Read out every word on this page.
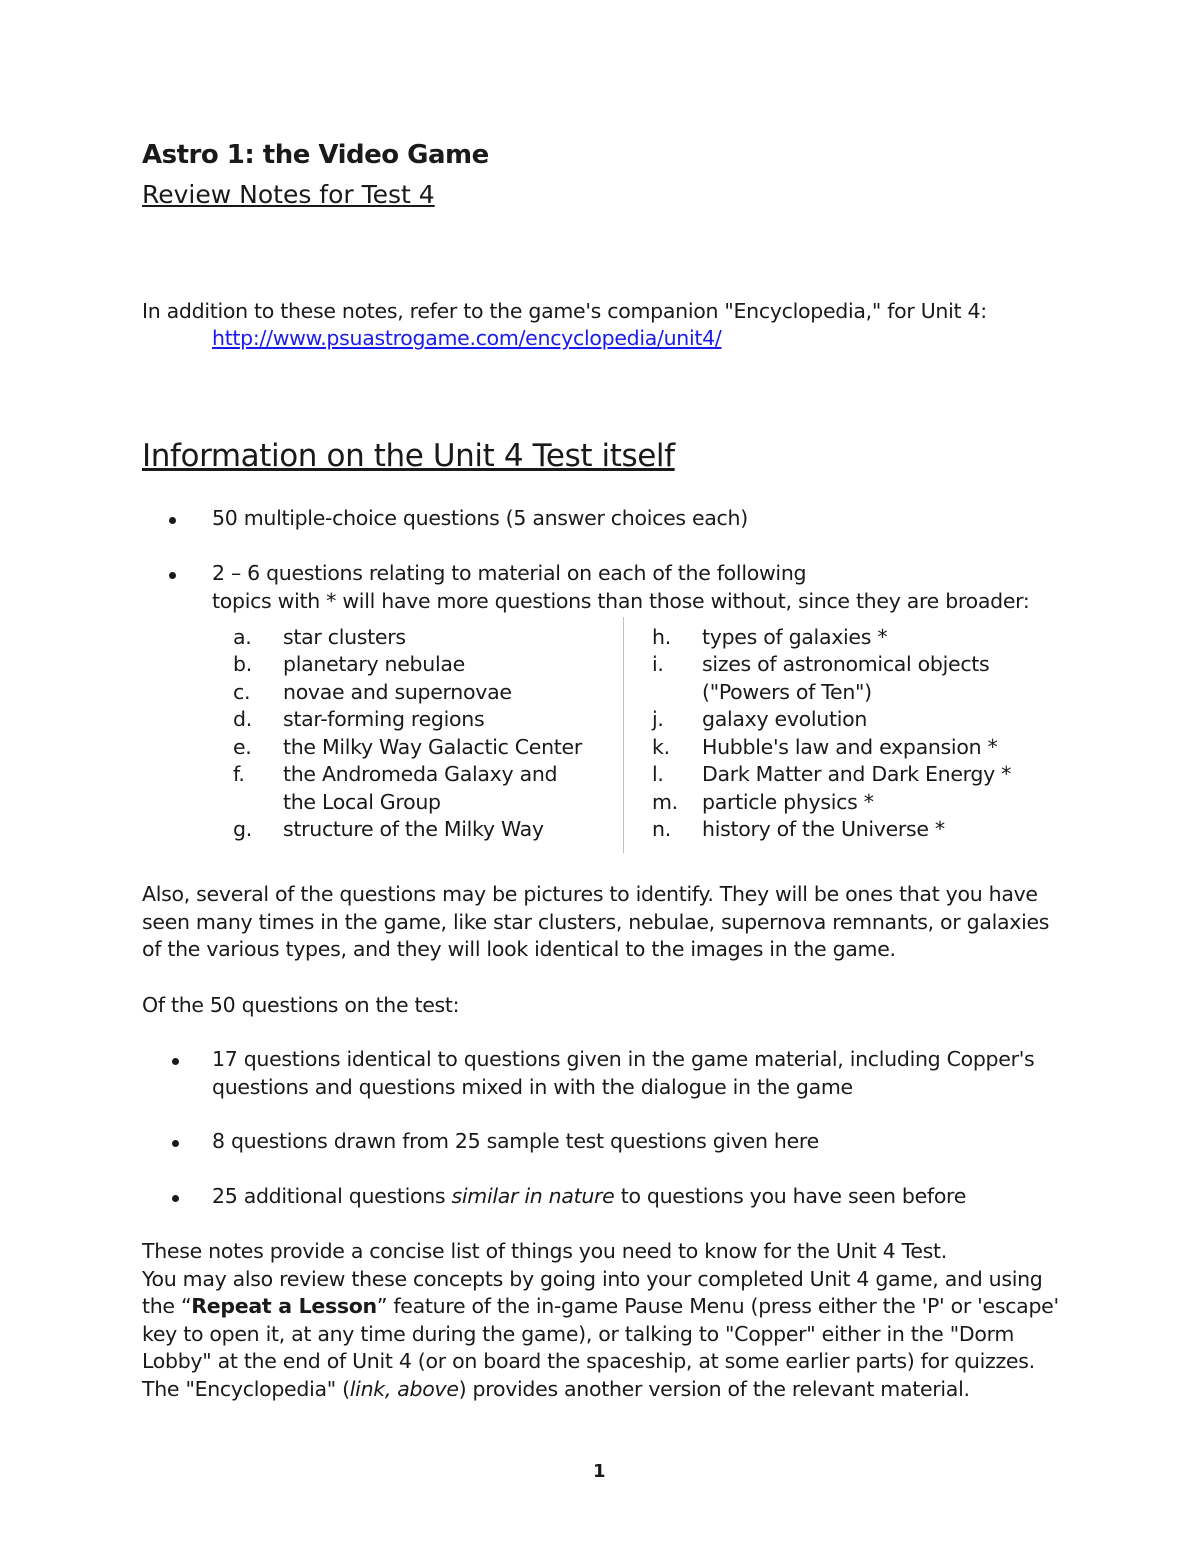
Astro 1: the Video Game
Review Notes for Test 4
In addition to these notes, refer to the game's companion "Encyclopedia," for Unit 4:
http://www.psuastrogame.com/encyclopedia/unit4/
Information on the Unit 4 Test itself
50 multiple-choice questions (5 answer choices each)
2 – 6 questions relating to material on each of the following
topics with * will have more questions than those without, since they are broader:
a. star clusters
b. planetary nebulae
c. novae and supernovae
d. star-forming regions
e. the Milky Way Galactic Center
f. the Andromeda Galaxy and
the Local Group
g. structure of the Milky Way
h. types of galaxies *
i. sizes of astronomical objects
("Powers of Ten")
j. galaxy evolution
k. Hubble's law and expansion *
l. Dark Matter and Dark Energy *
m. particle physics *
n. history of the Universe *
Also, several of the questions may be pictures to identify. They will be ones that you have
seen many times in the game, like star clusters, nebulae, supernova remnants, or galaxies
of the various types, and they will look identical to the images in the game.
Of the 50 questions on the test:
17 questions identical to questions given in the game material, including Copper's
questions and questions mixed in with the dialogue in the game
8 questions drawn from 25 sample test questions given here
25 additional questions similar in nature to questions you have seen before
These notes provide a concise list of things you need to know for the Unit 4 Test.
You may also review these concepts by going into your completed Unit 4 game, and using
the “Repeat a Lesson” feature of the in-game Pause Menu (press either the 'P' or 'escape'
key to open it, at any time during the game), or talking to "Copper" either in the "Dorm
Lobby" at the end of Unit 4 (or on board the spaceship, at some earlier parts) for quizzes.
The "Encyclopedia" (link, above) provides another version of the relevant material.
1
